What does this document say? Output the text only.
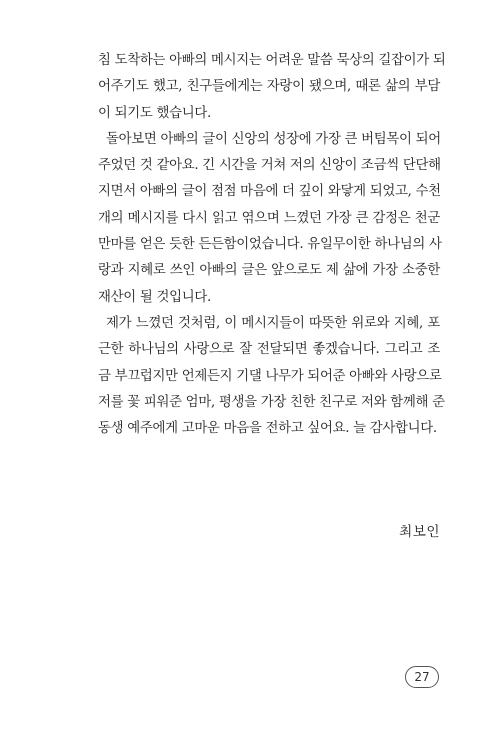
침 도착하는 아빠의 메시지는 어려운 말씀 묵상의 길잡이가 되
어주기도 했고, 친구들에게는 자랑이 됐으며, 때론 삶의 부담
이 되기도 했습니다.
돌아보면 아빠의 글이 신앙의 성장에 가장 큰 버팀목이 되어
주었던 것 같아요. 긴 시간을 거쳐 저의 신앙이 조금씩 단단해
지면서 아빠의 글이 점점 마음에 더 깊이 와닿게 되었고, 수천
개의 메시지를 다시 읽고 엮으며 느꼈던 가장 큰 감정은 천군
만마를 얻은 듯한 든든함이었습니다. 유일무이한 하나님의 사
랑과 지혜로 쓰인 아빠의 글은 앞으로도 제 삶에 가장 소중한
재산이 될 것입니다.
제가 느꼈던 것처럼, 이 메시지들이 따뜻한 위로와 지혜, 포
근한 하나님의 사랑으로 잘 전달되면 좋겠습니다. 그리고 조
금 부끄럽지만 언제든지 기댈 나무가 되어준 아빠와 사랑으로
저를 꽃 피워준 엄마, 평생을 가장 친한 친구로 저와 함께해 준
동생 예주에게 고마운 마음을 전하고 싶어요. 늘 감사합니다.
최보인
27
